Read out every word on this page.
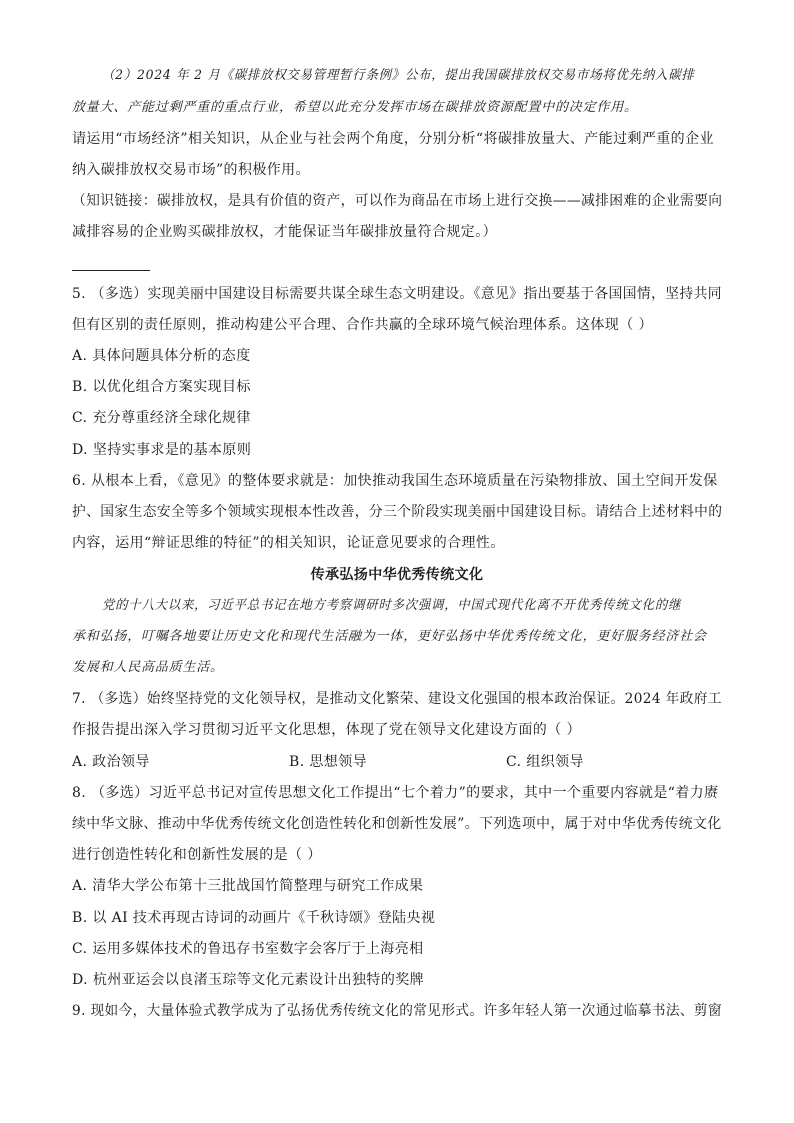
（2）2024 年 2 月《碳排放权交易管理暂行条例》公布，提出我国碳排放权交易市场将优先纳入碳排
放量大、产能过剩严重的重点行业，希望以此充分发挥市场在碳排放资源配置中的决定作用。
请运用“市场经济”相关知识，从企业与社会两个角度，分别分析“将碳排放量大、产能过剩严重的企业
纳入碳排放权交易市场”的积极作用。
（知识链接：碳排放权，是具有价值的资产，可以作为商品在市场上进行交换——减排困难的企业需要向
减排容易的企业购买碳排放权，才能保证当年碳排放量符合规定。）
5. （多选）实现美丽中国建设目标需要共谋全球生态文明建设。《意见》指出要基于各国国情，坚持共同
但有区别的责任原则，推动构建公平合理、合作共赢的全球环境气候治理体系。这体现（ ）
A. 具体问题具体分析的态度
B. 以优化组合方案实现目标
C. 充分尊重经济全球化规律
D. 坚持实事求是的基本原则
6. 从根本上看，《意见》的整体要求就是：加快推动我国生态环境质量在污染物排放、国土空间开发保
护、国家生态安全等多个领域实现根本性改善，分三个阶段实现美丽中国建设目标。请结合上述材料中的
内容，运用“辩证思维的特征”的相关知识，论证意见要求的合理性。
传承弘扬中华优秀传统文化
党的十八大以来，习近平总书记在地方考察调研时多次强调，中国式现代化离不开优秀传统文化的继
承和弘扬，叮嘱各地要让历史文化和现代生活融为一体，更好弘扬中华优秀传统文化，更好服务经济社会
发展和人民高品质生活。
7. （多选）始终坚持党的文化领导权，是推动文化繁荣、建设文化强国的根本政治保证。2024 年政府工
作报告提出深入学习贯彻习近平文化思想，体现了党在领导文化建设方面的（ ）
A. 政治领导	B. 思想领导	C. 组织领导
8. （多选）习近平总书记对宣传思想文化工作提出“七个着力”的要求，其中一个重要内容就是“着力赓
续中华文脉、推动中华优秀传统文化创造性转化和创新性发展”。下列选项中，属于对中华优秀传统文化
进行创造性转化和创新性发展的是（ ）
A. 清华大学公布第十三批战国竹简整理与研究工作成果
B. 以 AI 技术再现古诗词的动画片《千秋诗颂》登陆央视
C. 运用多媒体技术的鲁迅存书室数字会客厅于上海亮相
D. 杭州亚运会以良渚玉琮等文化元素设计出独特的奖牌
9. 现如今，大量体验式教学成为了弘扬优秀传统文化的常见形式。许多年轻人第一次通过临摹书法、剪窗
